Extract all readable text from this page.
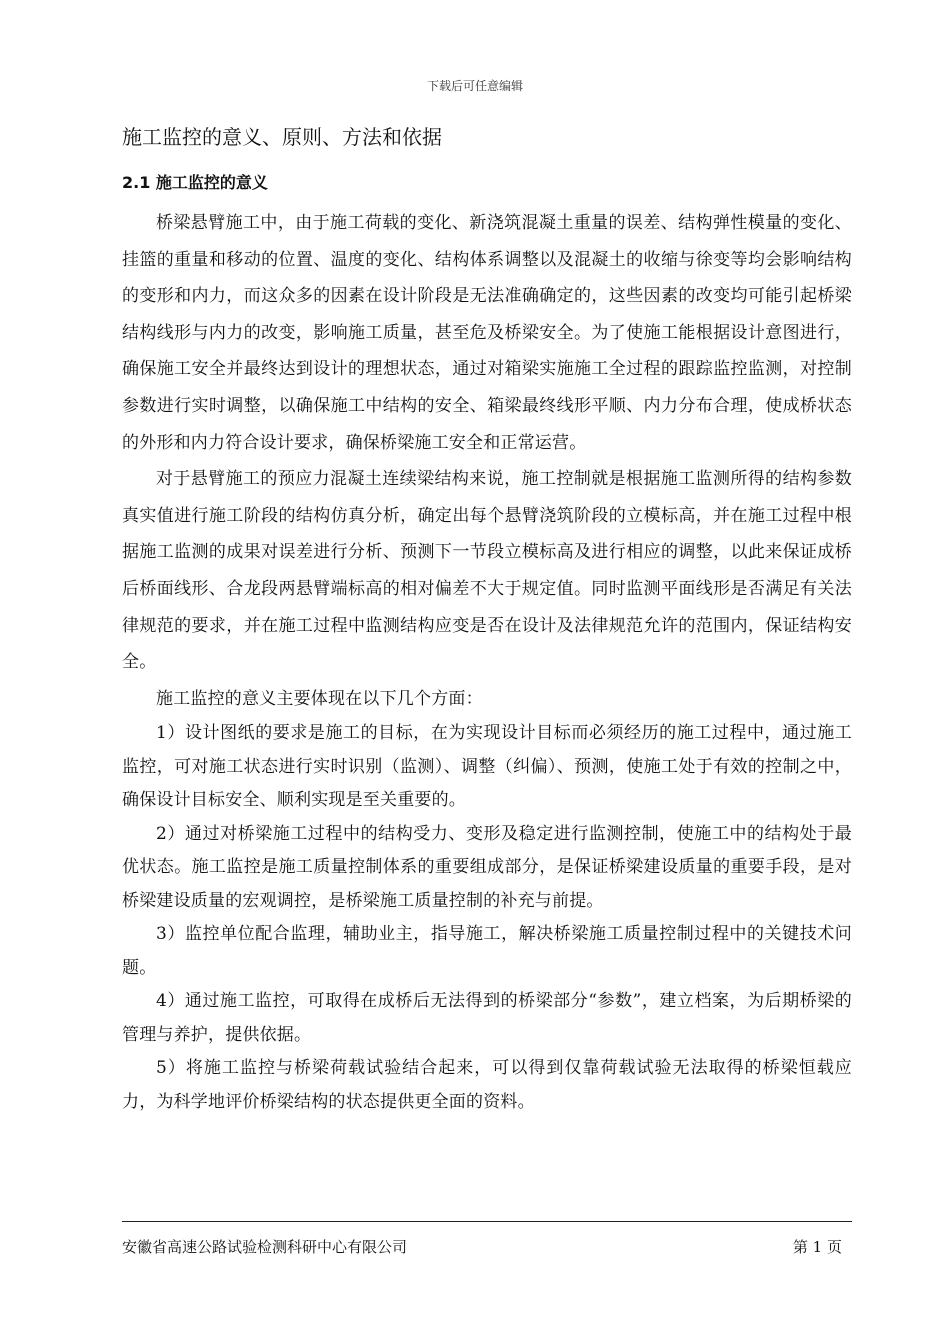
下载后可任意编辑
施工监控的意义、原则、方法和依据
2.1 施工监控的意义

桥梁悬臂施工中，由于施工荷载的变化、新浇筑混凝土重量的误差、结构弹性模量的变化、挂篮的重量和移动的位置、温度的变化、结构体系调整以及混凝土的收缩与徐变等均会影响结构的变形和内力，而这众多的因素在设计阶段是无法准确确定的，这些因素的改变均可能引起桥梁结构线形与内力的改变，影响施工质量，甚至危及桥梁安全。为了使施工能根据设计意图进行，确保施工安全并最终达到设计的理想状态，通过对箱梁实施施工全过程的跟踪监控监测，对控制参数进行实时调整，以确保施工中结构的安全、箱梁最终线形平顺、内力分布合理，使成桥状态的外形和内力符合设计要求，确保桥梁施工安全和正常运营。

对于悬臂施工的预应力混凝土连续梁结构来说，施工控制就是根据施工监测所得的结构参数真实值进行施工阶段的结构仿真分析，确定出每个悬臂浇筑阶段的立模标高，并在施工过程中根据施工监测的成果对误差进行分析、预测下一节段立模标高及进行相应的调整，以此来保证成桥后桥面线形、合龙段两悬臂端标高的相对偏差不大于规定值。同时监测平面线形是否满足有关法律规范的要求，并在施工过程中监测结构应变是否在设计及法律规范允许的范围内，保证结构安全。

施工监控的意义主要体现在以下几个方面：

1）设计图纸的要求是施工的目标，在为实现设计目标而必须经历的施工过程中，通过施工监控，可对施工状态进行实时识别（监测）、调整（纠偏）、预测，使施工处于有效的控制之中，确保设计目标安全、顺利实现是至关重要的。

2）通过对桥梁施工过程中的结构受力、变形及稳定进行监测控制，使施工中的结构处于最优状态。施工监控是施工质量控制体系的重要组成部分，是保证桥梁建设质量的重要手段，是对桥梁建设质量的宏观调控，是桥梁施工质量控制的补充与前提。

3）监控单位配合监理，辅助业主，指导施工，解决桥梁施工质量控制过程中的关键技术问题。

4）通过施工监控，可取得在成桥后无法得到的桥梁部分“参数”，建立档案，为后期桥梁的管理与养护，提供依据。

5）将施工监控与桥梁荷载试验结合起来，可以得到仅靠荷载试验无法取得的桥梁恒载应力，为科学地评价桥梁结构的状态提供更全面的资料。

安徽省高速公路试验检测科研中心有限公司	第 1 页
